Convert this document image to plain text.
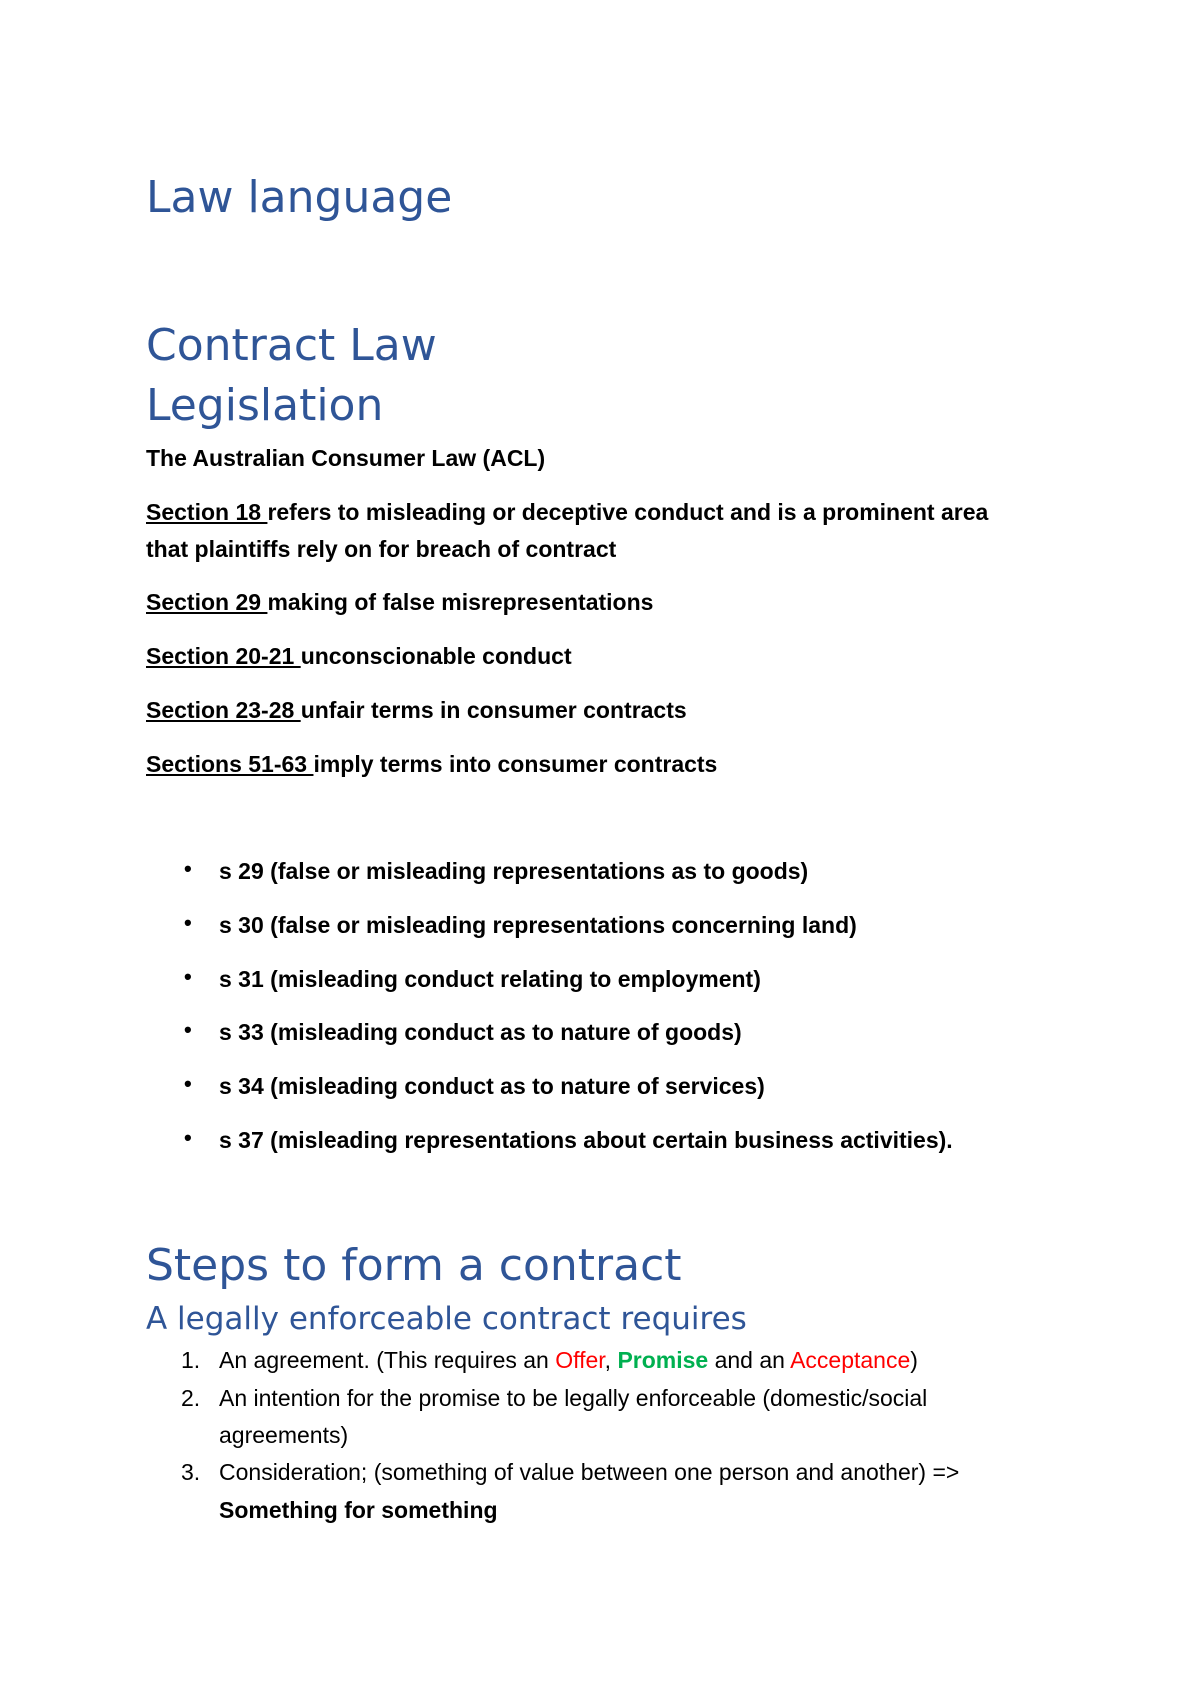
Law language
Contract Law
Legislation
The Australian Consumer Law (ACL)
Section 18 refers to misleading or deceptive conduct and is a prominent area
that plaintiffs rely on for breach of contract
Section 29 making of false misrepresentations
Section 20-21 unconscionable conduct
Section 23-28 unfair terms in consumer contracts
Sections 51-63 imply terms into consumer contracts
• s 29 (false or misleading representations as to goods)
• s 30 (false or misleading representations concerning land)
• s 31 (misleading conduct relating to employment)
• s 33 (misleading conduct as to nature of goods)
• s 34 (misleading conduct as to nature of services)
• s 37 (misleading representations about certain business activities).
Steps to form a contract
A legally enforceable contract requires
1. An agreement. (This requires an Offer, Promise and an Acceptance)
2. An intention for the promise to be legally enforceable (domestic/social
agreements)
3. Consideration; (something of value between one person and another) =>
Something for something
